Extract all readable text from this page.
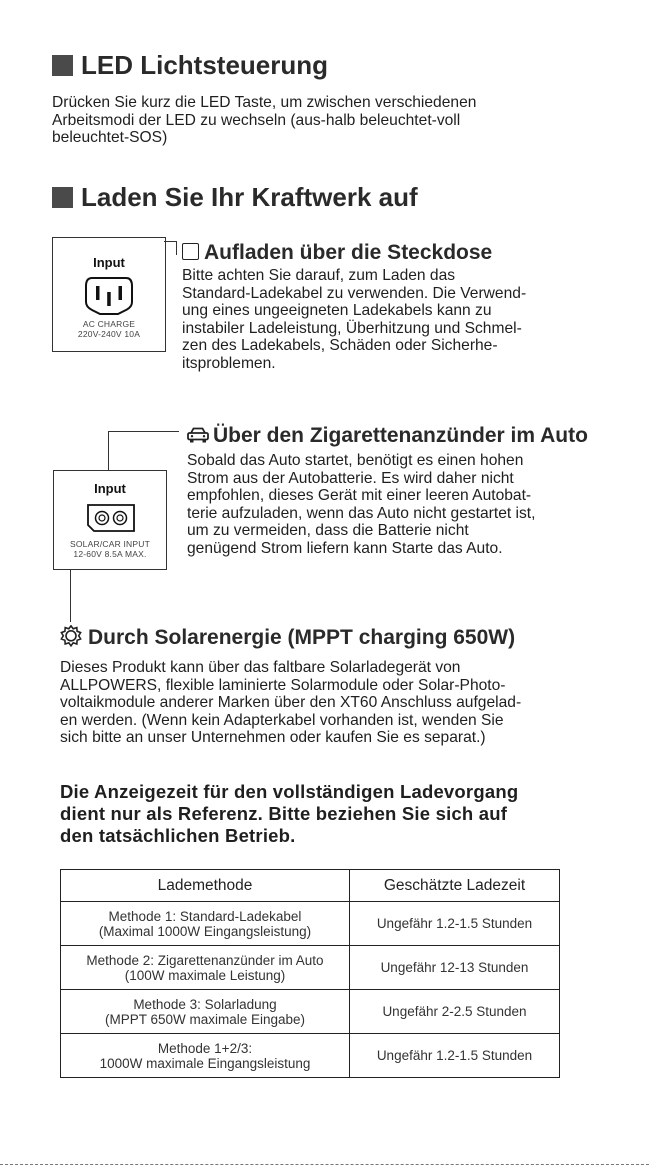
LED Lichtsteuerung
Drücken Sie kurz die LED Taste, um zwischen verschiedenen
Arbeitsmodi der LED zu wechseln (aus-halb beleuchtet-voll
beleuchtet-SOS)
Laden Sie Ihr Kraftwerk auf
Input
AC CHARGE
220V-240V 10A
Aufladen über die Steckdose
Bitte achten Sie darauf, zum Laden das
Standard-Ladekabel zu verwenden. Die Verwend-
ung eines ungeeigneten Ladekabels kann zu
instabiler Ladeleistung, Überhitzung und Schmel-
zen des Ladekabels, Schäden oder Sicherhe-
itsproblemen.
Input
SOLAR/CAR INPUT
12-60V 8.5A MAX.
Über den Zigarettenanzünder im Auto
Sobald das Auto startet, benötigt es einen hohen
Strom aus der Autobatterie. Es wird daher nicht
empfohlen, dieses Gerät mit einer leeren Autobat-
terie aufzuladen, wenn das Auto nicht gestartet ist,
um zu vermeiden, dass die Batterie nicht
genügend Strom liefern kann Starte das Auto.
Durch Solarenergie (MPPT charging 650W)
Dieses Produkt kann über das faltbare Solarladegerät von
ALLPOWERS, flexible laminierte Solarmodule oder Solar-Photo-
voltaikmodule anderer Marken über den XT60 Anschluss aufgelad-
en werden. (Wenn kein Adapterkabel vorhanden ist, wenden Sie
sich bitte an unser Unternehmen oder kaufen Sie es separat.)
Die Anzeigezeit für den vollständigen Ladevorgang
dient nur als Referenz. Bitte beziehen Sie sich auf
den tatsächlichen Betrieb.
Lademethode	Geschätzte Ladezeit

Methode 1: Standard-Ladekabel
(Maximal 1000W Eingangsleistung)	Ungefähr 1.2-1.5 Stunden

Methode 2: Zigarettenanzünder im Auto
(100W maximale Leistung)	Ungefähr 12-13 Stunden

Methode 3: Solarladung
(MPPT 650W maximale Eingabe)	Ungefähr 2-2.5 Stunden

Methode 1+2/3:
1000W maximale Eingangsleistung	Ungefähr 1.2-1.5 Stunden
